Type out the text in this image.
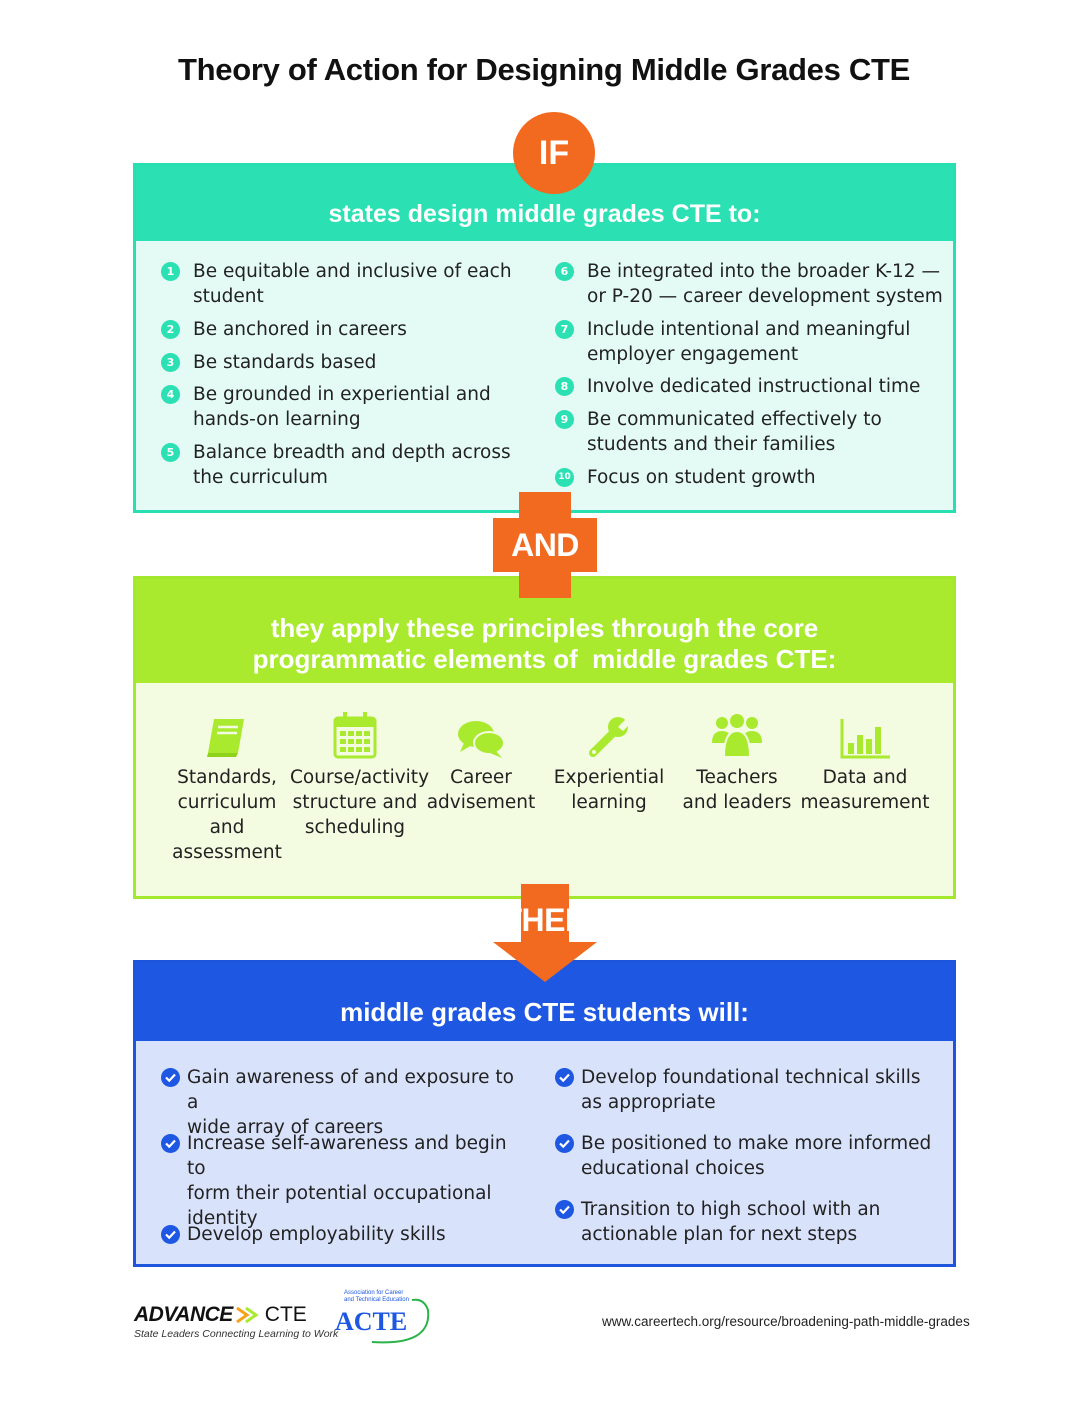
Theory of Action for Designing Middle Grades CTE
IF
states design middle grades CTE to:
1	Be equitable and inclusive of each
student
2	Be anchored in careers
3	Be standards based
4	Be grounded in experiential and
hands-on learning
5	Balance breadth and depth across
the curriculum
6	Be integrated into the broader K-12 —
or P-20 — career development system
7	Include intentional and meaningful
employer engagement
8	Involve dedicated instructional time
9	Be communicated effectively to
students and their families
10 Focus on student growth
AND
they apply these principles through the core
programmatic elements of  middle grades CTE:
Standards,
curriculum
and
assessment
Course/activity
structure and
scheduling
Career
advisement
Experiential
learning
Teachers
and leaders
Data and
measurement
THEN
middle grades CTE students will:
Gain awareness of and exposure to a
wide array of careers
Increase self-awareness and begin to
form their potential occupational
identity
Develop employability skills
Develop foundational technical skills
as appropriate
Be positioned to make more informed
educational choices
Transition to high school with an
actionable plan for next steps
ADVANCE CTE
State Leaders Connecting Learning to Work
Association for Career and Technical Education
ACTE	www.careertech.org/resource/broadening-path-middle-grades
